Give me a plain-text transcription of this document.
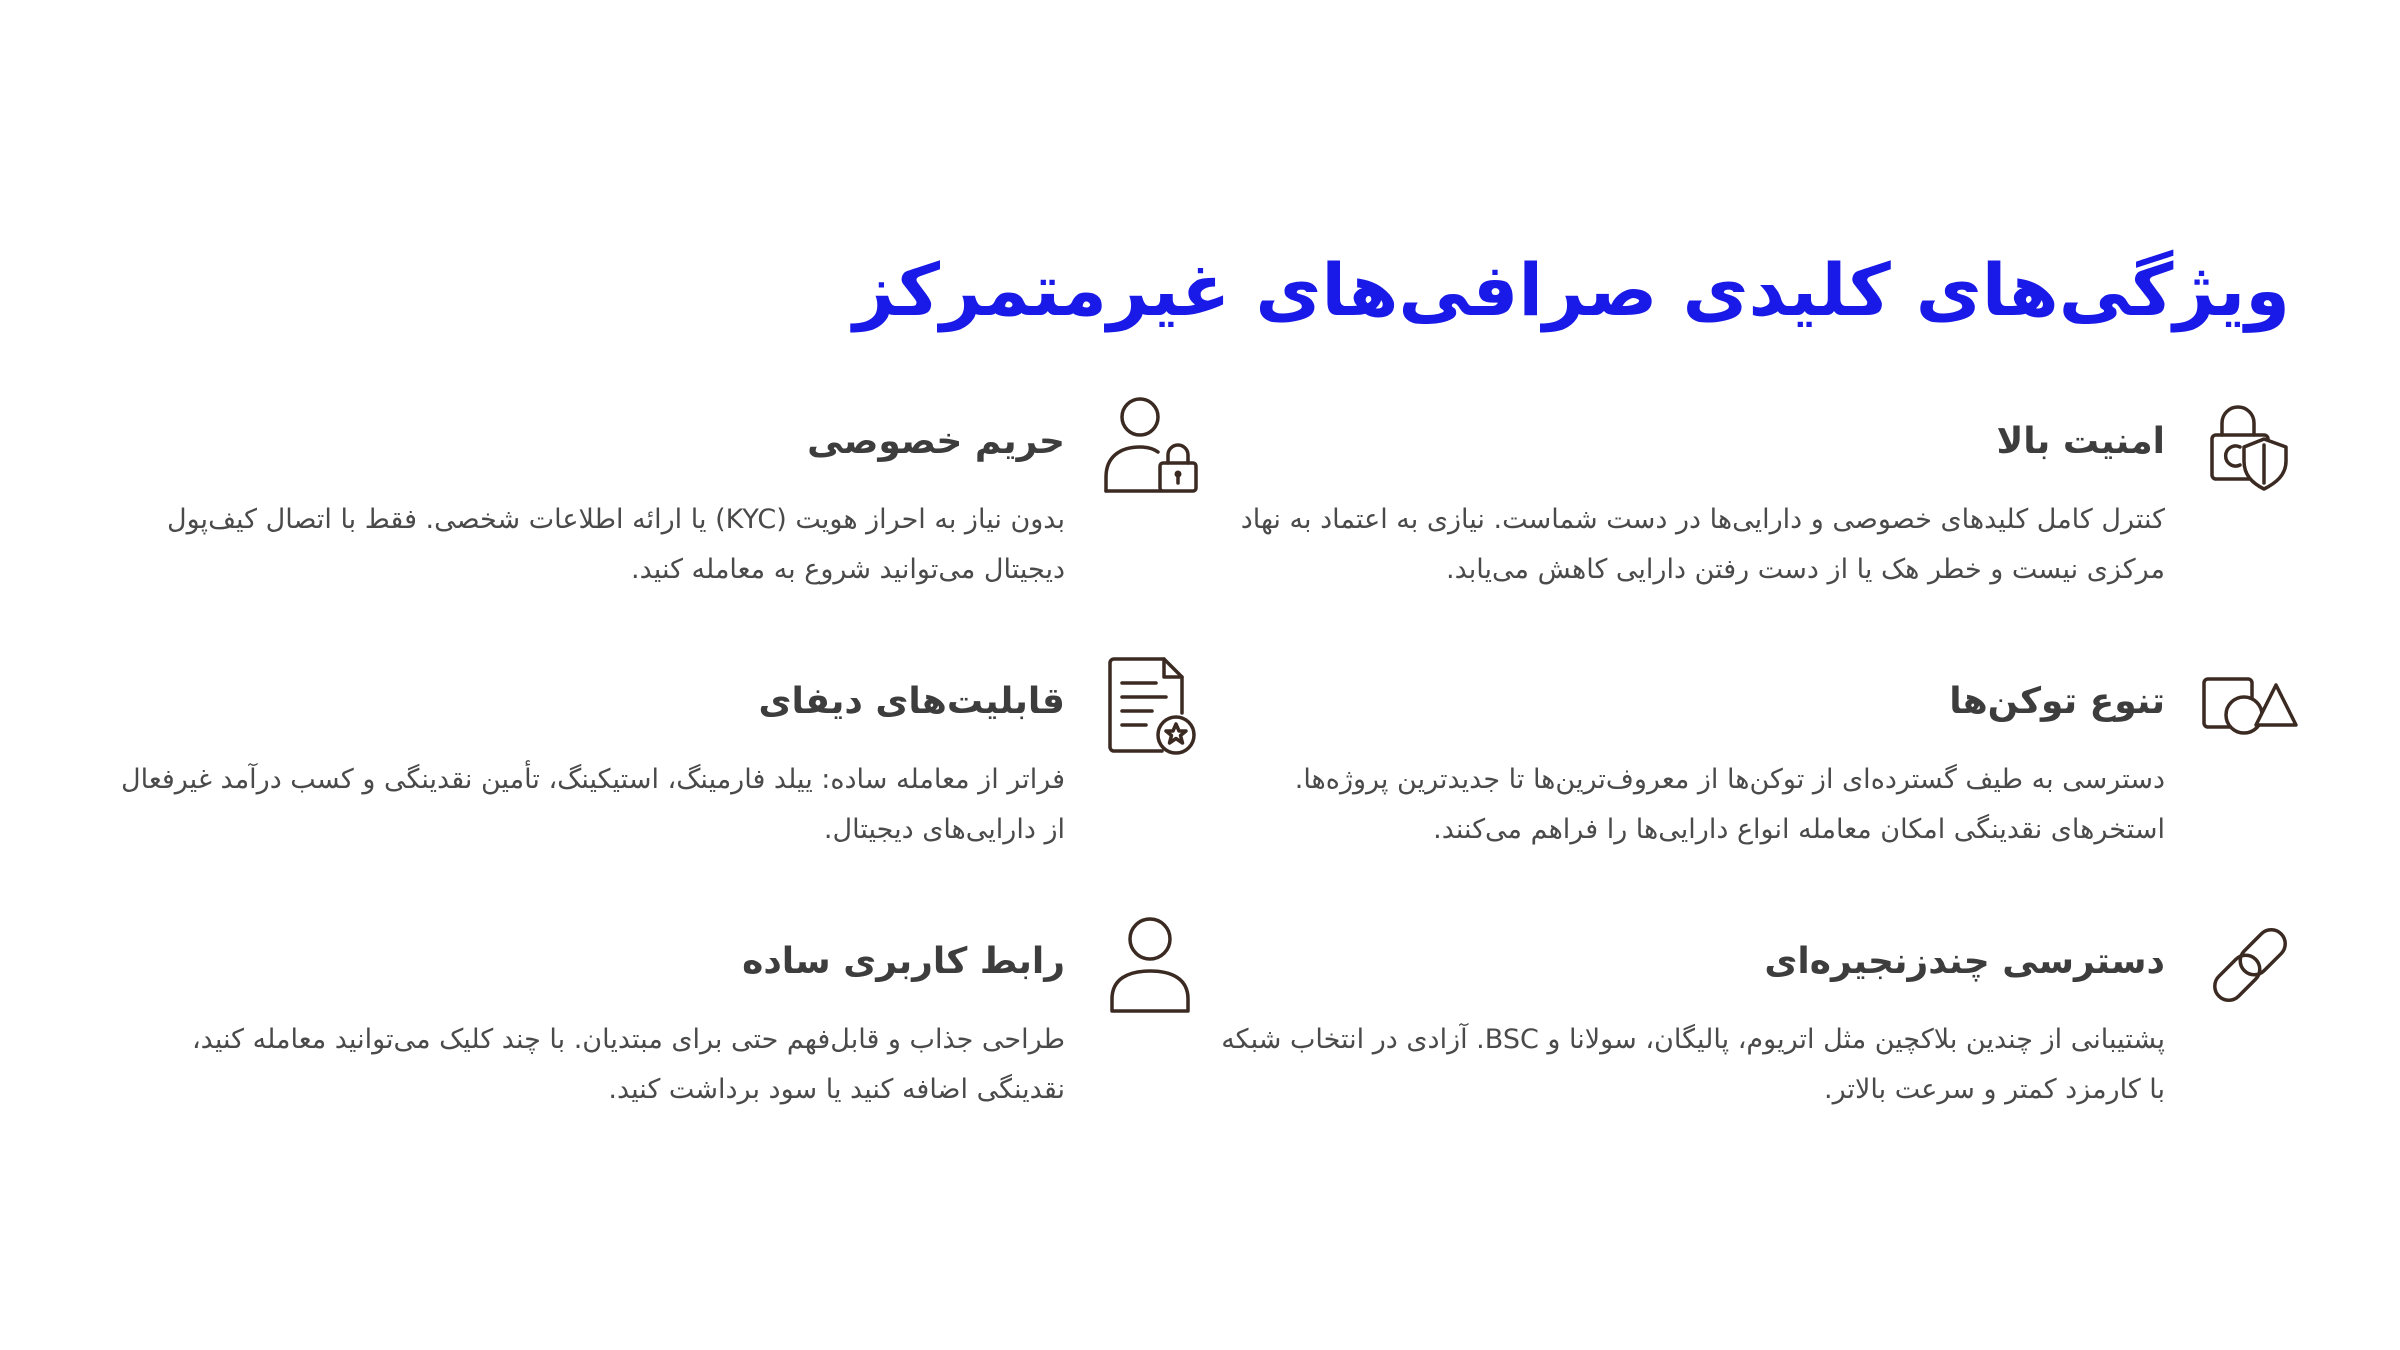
ویژگی‌های کلیدی صرافی‌های غیرمتمرکز
امنیت بالا

کنترل کامل کلیدهای خصوصی و دارایی‌ها در دست شماست. نیازی به اعتماد به نهاد مرکزی نیست و خطر هک یا از دست رفتن دارایی کاهش می‌یابد.

حریم خصوصی

بدون نیاز به احراز هویت (KYC) یا ارائه اطلاعات شخصی. فقط با اتصال کیف‌پول دیجیتال می‌توانید شروع به معامله کنید.

تنوع توکن‌ها

دسترسی به طیف گسترده‌ای از توکن‌ها از معروف‌ترین‌ها تا جدیدترین پروژه‌ها. استخرهای نقدینگی امکان معامله انواع دارایی‌ها را فراهم می‌کنند.

قابلیت‌های دیفای

فراتر از معامله ساده: ییلد فارمینگ، استیکینگ، تأمین نقدینگی و کسب درآمد غیرفعال از دارایی‌های دیجیتال.

دسترسی چندزنجیره‌ای

پشتیبانی از چندین بلاکچین مثل اتریوم، پالیگان، سولانا و BSC. آزادی در انتخاب شبکه با کارمزد کمتر و سرعت بالاتر.

رابط کاربری ساده

طراحی جذاب و قابل‌فهم حتی برای مبتدیان. با چند کلیک می‌توانید معامله کنید، نقدینگی اضافه کنید یا سود برداشت کنید.
